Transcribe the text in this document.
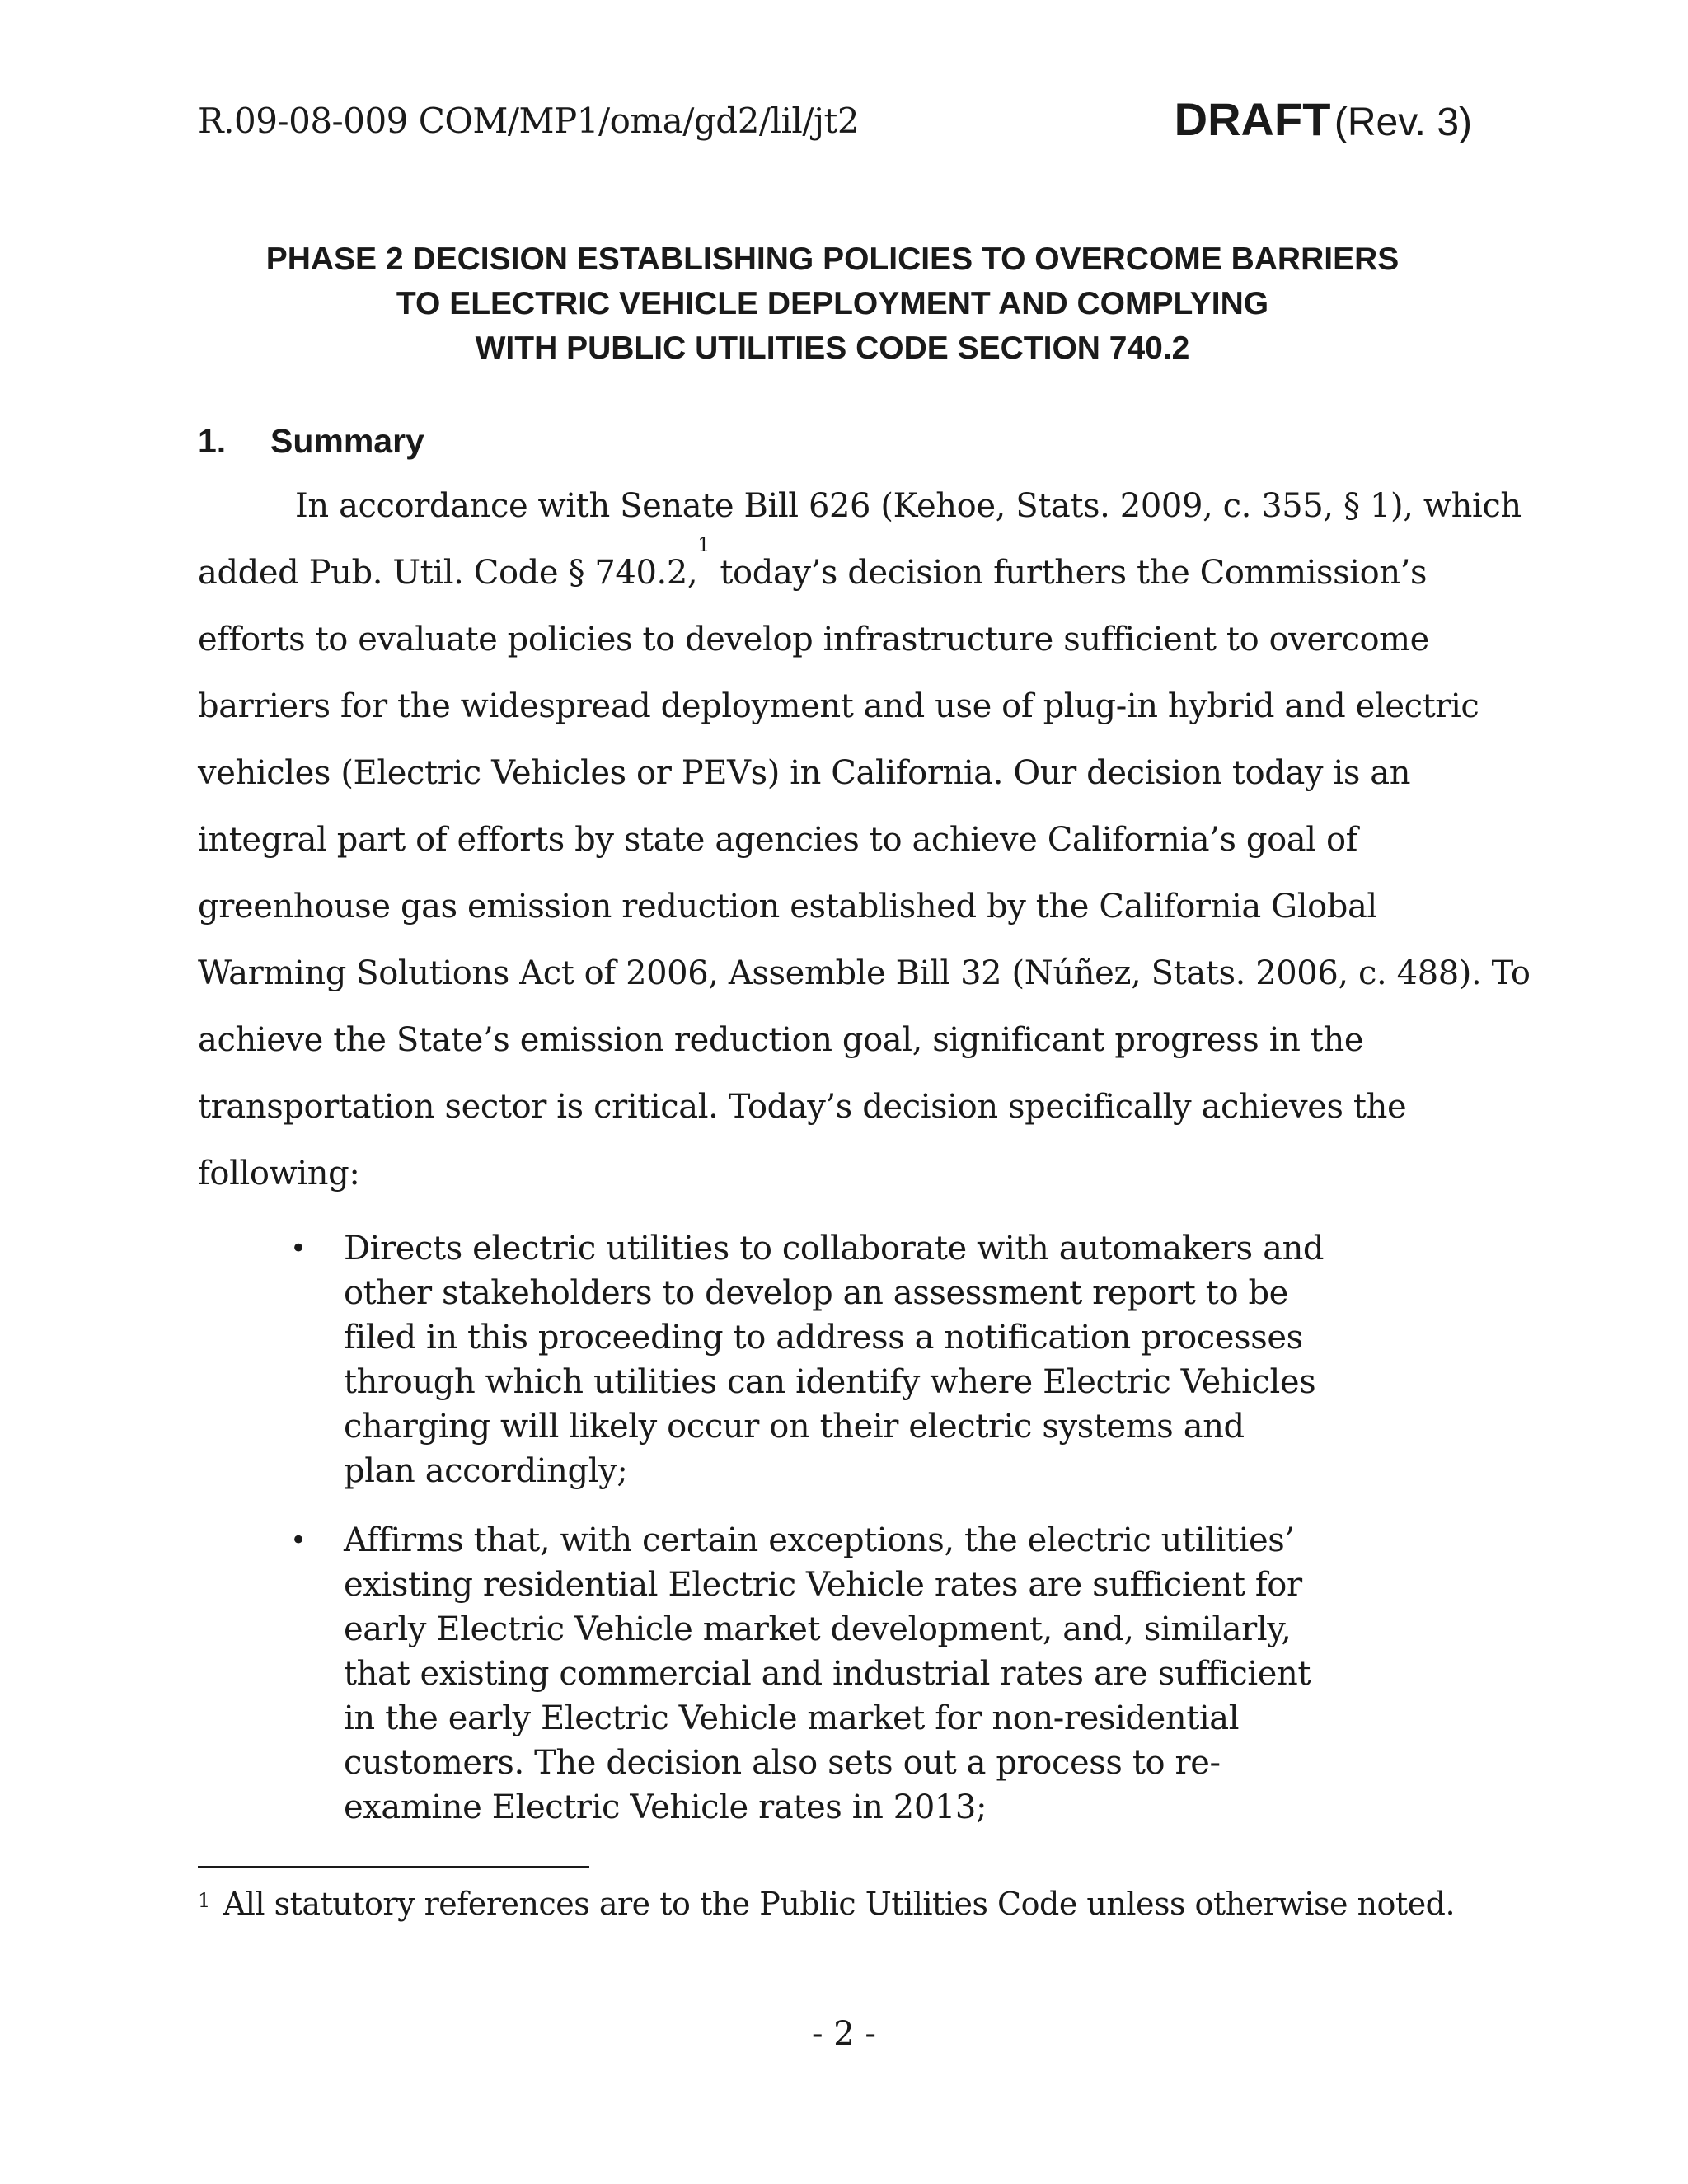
R.09-08-009 COM/MP1/oma/gd2/lil/jt2	DRAFT (Rev. 3)
PHASE 2 DECISION ESTABLISHING POLICIES TO OVERCOME BARRIERS
TO ELECTRIC VEHICLE DEPLOYMENT AND COMPLYING
WITH PUBLIC UTILITIES CODE SECTION 740.2
1. Summary
In accordance with Senate Bill 626 (Kehoe, Stats. 2009, c. 355, § 1), which
added Pub. Util. Code § 740.2,$^1$ today’s decision furthers the Commission’s
efforts to evaluate policies to develop infrastructure sufficient to overcome
barriers for the widespread deployment and use of plug-in hybrid and electric
vehicles (Electric Vehicles or PEVs) in California. Our decision today is an
integral part of efforts by state agencies to achieve California’s goal of
greenhouse gas emission reduction established by the California Global
Warming Solutions Act of 2006, Assemble Bill 32 (Núñez, Stats. 2006, c. 488). To
achieve the State’s emission reduction goal, significant progress in the
transportation sector is critical. Today’s decision specifically achieves the
following:
• Directs electric utilities to collaborate with automakers and
other stakeholders to develop an assessment report to be
filed in this proceeding to address a notification processes
through which utilities can identify where Electric Vehicles
charging will likely occur on their electric systems and
plan accordingly;
• Affirms that, with certain exceptions, the electric utilities’
existing residential Electric Vehicle rates are sufficient for
early Electric Vehicle market development, and, similarly,
that existing commercial and industrial rates are sufficient
in the early Electric Vehicle market for non-residential
customers. The decision also sets out a process to re-
examine Electric Vehicle rates in 2013;
$^1$ All statutory references are to the Public Utilities Code unless otherwise noted.
- 2 -
